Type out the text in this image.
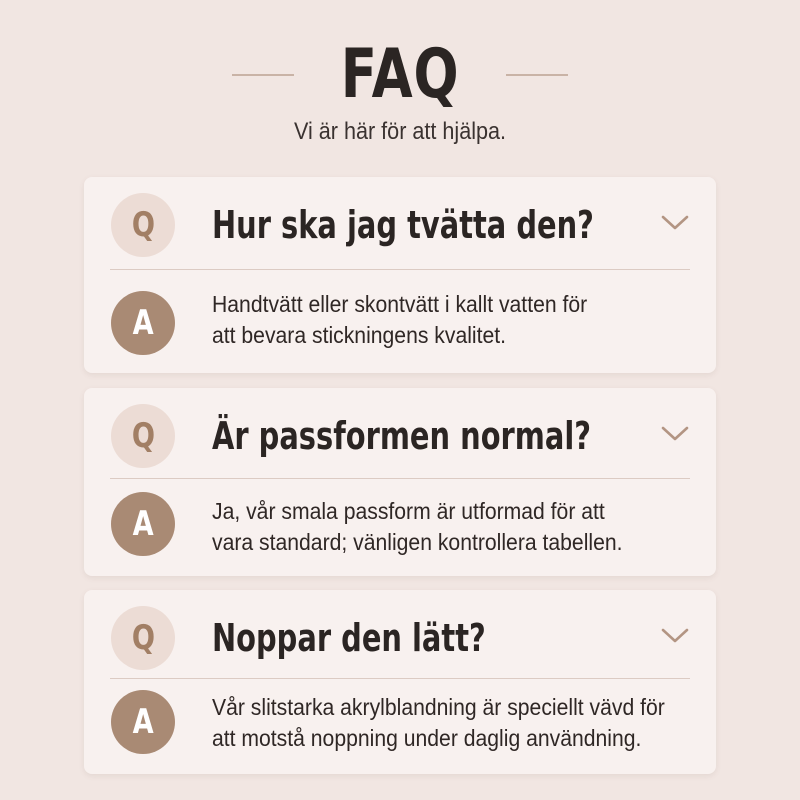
FAQ

Vi är här för att hjälpa.

Q Hur ska jag tvätta den?
A	Handtvätt eller skontvätt i kallt vatten för
att bevara stickningens kvalitet.
Q Är passformen normal?
A	Ja, vår smala passform är utformad för att
vara standard; vänligen kontrollera tabellen.
Q Noppar den lätt?
A	Vår slitstarka akrylblandning är speciellt vävd för
att motstå noppning under daglig användning.
